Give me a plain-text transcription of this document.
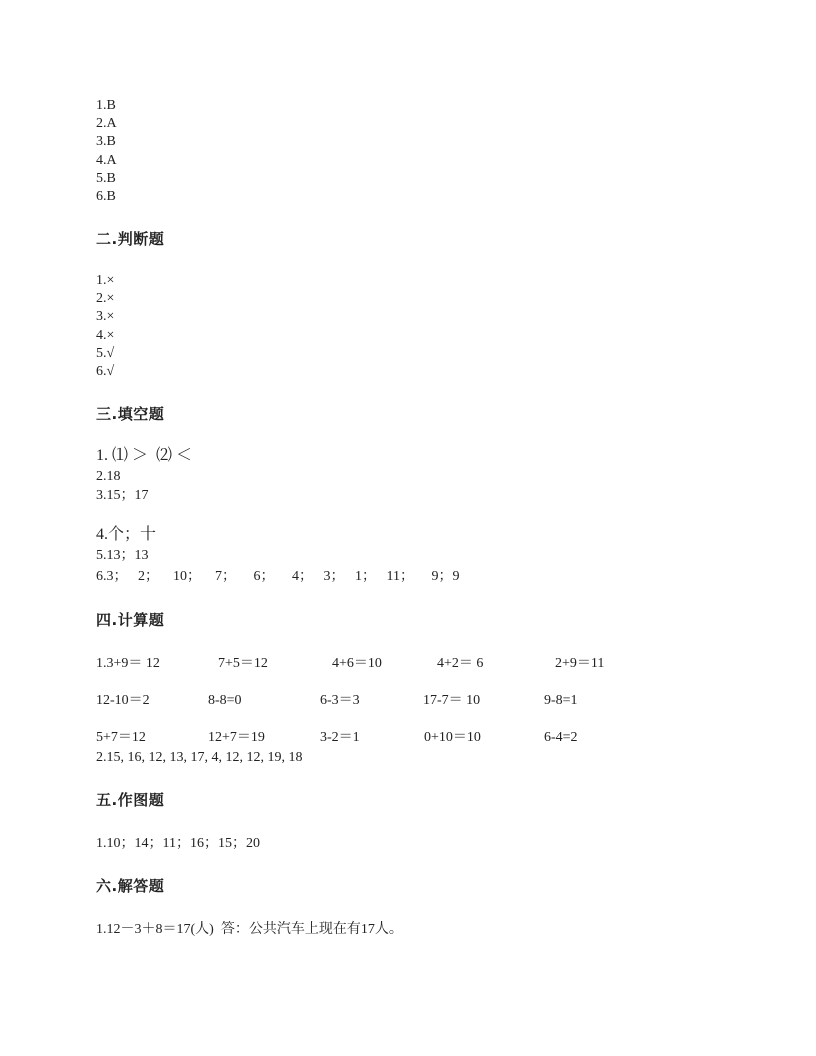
1.B
2.A
3.B
4.A
5.B
6.B
二.判断题
1.×
2.×
3.×
4.×
5.√
6.√
三.填空题
1. ⑴ ＞  ⑵ ＜
2.18
3.15；17
4.个；十
5.13；13
6.3；   2；    10；    7；     6；     4；   3；   1；   11；     9；9
四.计算题
1.3+9＝ 12	7+5＝12	4+6＝10	4+2＝ 6	2+9＝11
12-10＝2	8-8=0	6-3＝3	17-7＝ 10	9-8=1
5+7＝12	12+7＝19	3-2＝1	0+10＝10	6-4=2
2.15, 16, 12, 13, 17, 4, 12, 12, 19, 18
五.作图题
1.10；14；11；16；15；20
六.解答题
1.12－3＋8＝17(人)  答：公共汽车上现在有17人。
